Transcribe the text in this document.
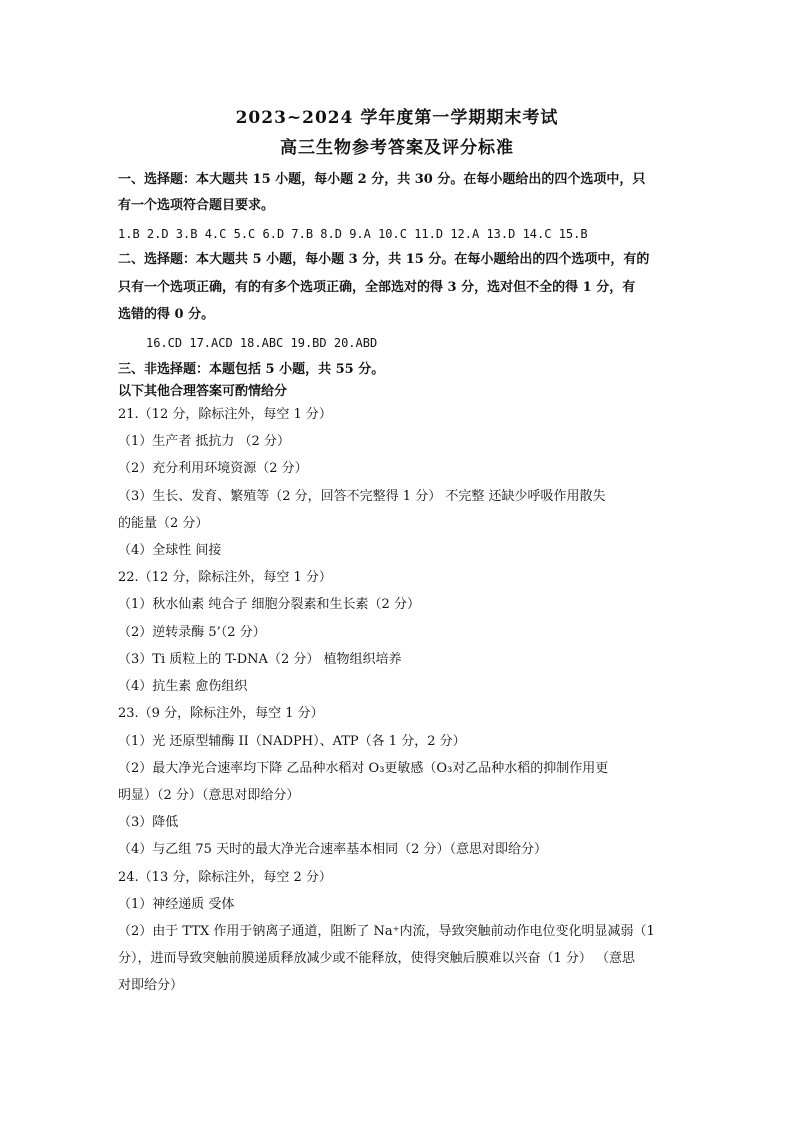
2023~2024 学年度第一学期期末考试
高三生物参考答案及评分标准
一、选择题：本大题共 15 小题，每小题 2 分，共 30 分。在每小题给出的四个选项中，只
有一个选项符合题目要求。
1.B 2.D 3.B 4.C 5.C 6.D 7.B 8.D 9.A 10.C 11.D 12.A 13.D 14.C 15.B
二、选择题：本大题共 5 小题，每小题 3 分，共 15 分。在每小题给出的四个选项中，有的
只有一个选项正确，有的有多个选项正确，全部选对的得 3 分，选对但不全的得 1 分，有
选错的得 0 分。
16.CD 17.ACD 18.ABC 19.BD 20.ABD
三、非选择题：本题包括 5 小题，共 55 分。
以下其他合理答案可酌情给分
21.（12 分，除标注外，每空 1 分）
（1）生产者 抵抗力 （2 分）
（2）充分利用环境资源（2 分）
（3）生长、发育、繁殖等（2 分，回答不完整得 1 分） 不完整 还缺少呼吸作用散失
的能量（2 分）
（4）全球性 间接
22.（12 分，除标注外，每空 1 分）
（1）秋水仙素 纯合子 细胞分裂素和生长素（2 分）
（2）逆转录酶 5’（2 分）
（3）Ti 质粒上的 T-DNA（2 分） 植物组织培养
（4）抗生素 愈伤组织
23.（9 分，除标注外，每空 1 分）
（1）光 还原型辅酶 II（NADPH）、ATP（各 1 分，2 分）
（2）最大净光合速率均下降 乙品种水稻对 O₃更敏感（O₃对乙品种水稻的抑制作用更
明显）（2 分）（意思对即给分）
（3）降低
（4）与乙组 75 天时的最大净光合速率基本相同（2 分）（意思对即给分）
24.（13 分，除标注外，每空 2 分）
（1）神经递质 受体
（2）由于 TTX 作用于钠离子通道，阻断了 Na⁺内流，导致突触前动作电位变化明显减弱（1
分），进而导致突触前膜递质释放减少或不能释放，使得突触后膜难以兴奋（1 分） （意思
对即给分）
